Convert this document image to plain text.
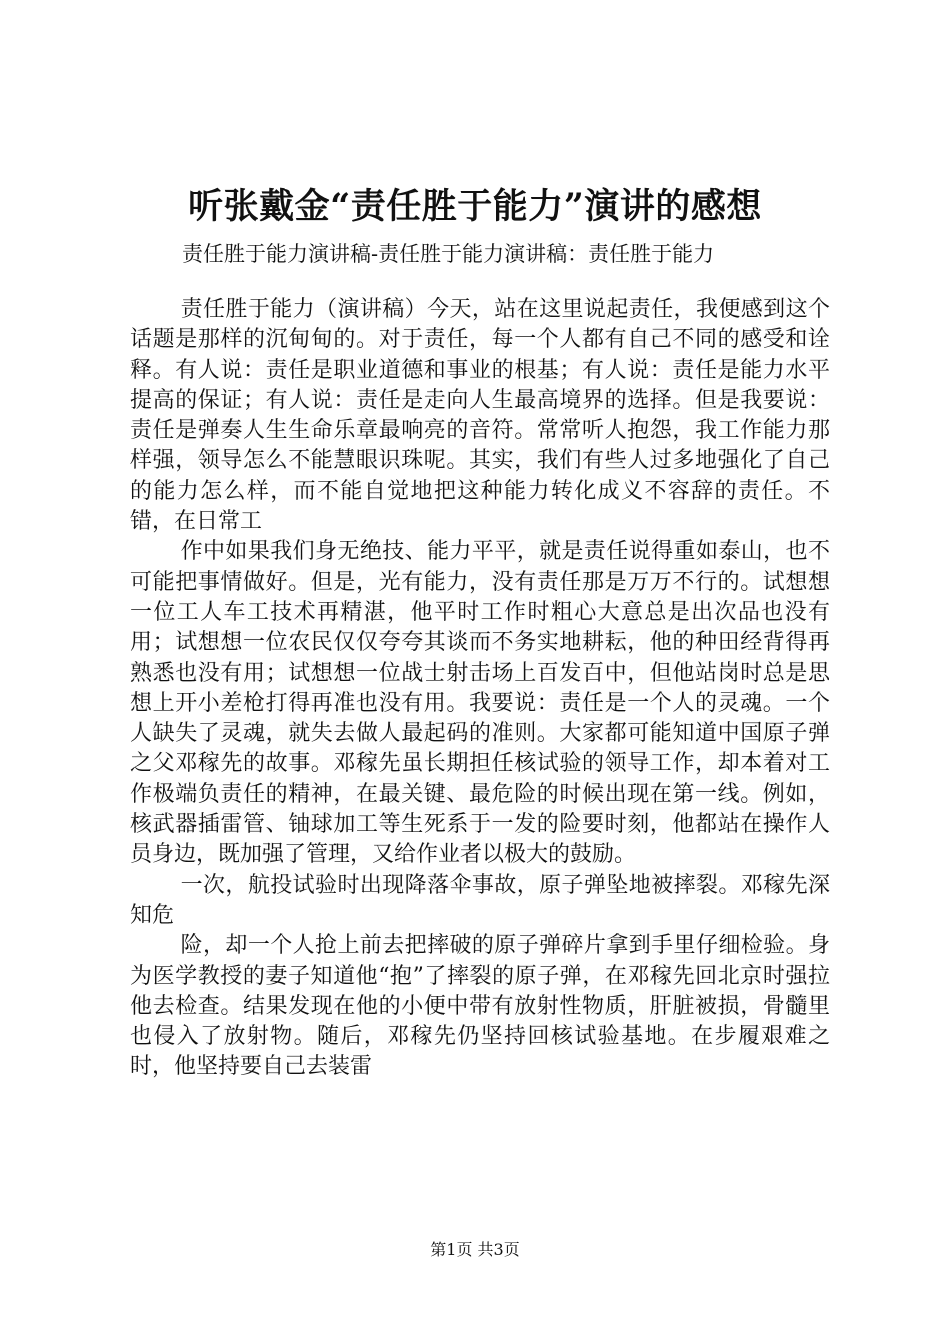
听张戴金“责任胜于能力”演讲的感想
责任胜于能力演讲稿-责任胜于能力演讲稿：责任胜于能力

责任胜于能力（演讲稿）今天，站在这里说起责任，我便感到这个话题是那样的沉甸甸的。对于责任，每一个人都有自己不同的感受和诠释。有人说：责任是职业道德和事业的根基；有人说：责任是能力水平提高的保证；有人说：责任是走向人生最高境界的选择。但是我要说：责任是弹奏人生生命乐章最响亮的音符。常常听人抱怨，我工作能力那样强，领导怎么不能慧眼识珠呢。其实，我们有些人过多地强化了自己的能力怎么样，而不能自觉地把这种能力转化成义不容辞的责任。不错，在日常工

作中如果我们身无绝技、能力平平，就是责任说得重如泰山，也不可能把事情做好。但是，光有能力，没有责任那是万万不行的。试想想一位工人车工技术再精湛，他平时工作时粗心大意总是出次品也没有用；试想想一位农民仅仅夸夸其谈而不务实地耕耘，他的种田经背得再熟悉也没有用；试想想一位战士射击场上百发百中，但他站岗时总是思想上开小差枪打得再准也没有用。我要说：责任是一个人的灵魂。一个人缺失了灵魂，就失去做人最起码的准则。大家都可能知道中国原子弹之父邓稼先的故事。邓稼先虽长期担任核试验的领导工作，却本着对工作极端负责任的精神，在最关键、最危险的时候出现在第一线。例如，核武器插雷管、铀球加工等生死系于一发的险要时刻，他都站在操作人员身边，既加强了管理，又给作业者以极大的鼓励。

一次，航投试验时出现降落伞事故，原子弹坠地被摔裂。邓稼先深知危

险，却一个人抢上前去把摔破的原子弹碎片拿到手里仔细检验。身为医学教授的妻子知道他“抱”了摔裂的原子弹，在邓稼先回北京时强拉他去检查。结果发现在他的小便中带有放射性物质，肝脏被损，骨髓里也侵入了放射物。随后，邓稼先仍坚持回核试验基地。在步履艰难之时，他坚持要自己去装雷

第1页 共3页
